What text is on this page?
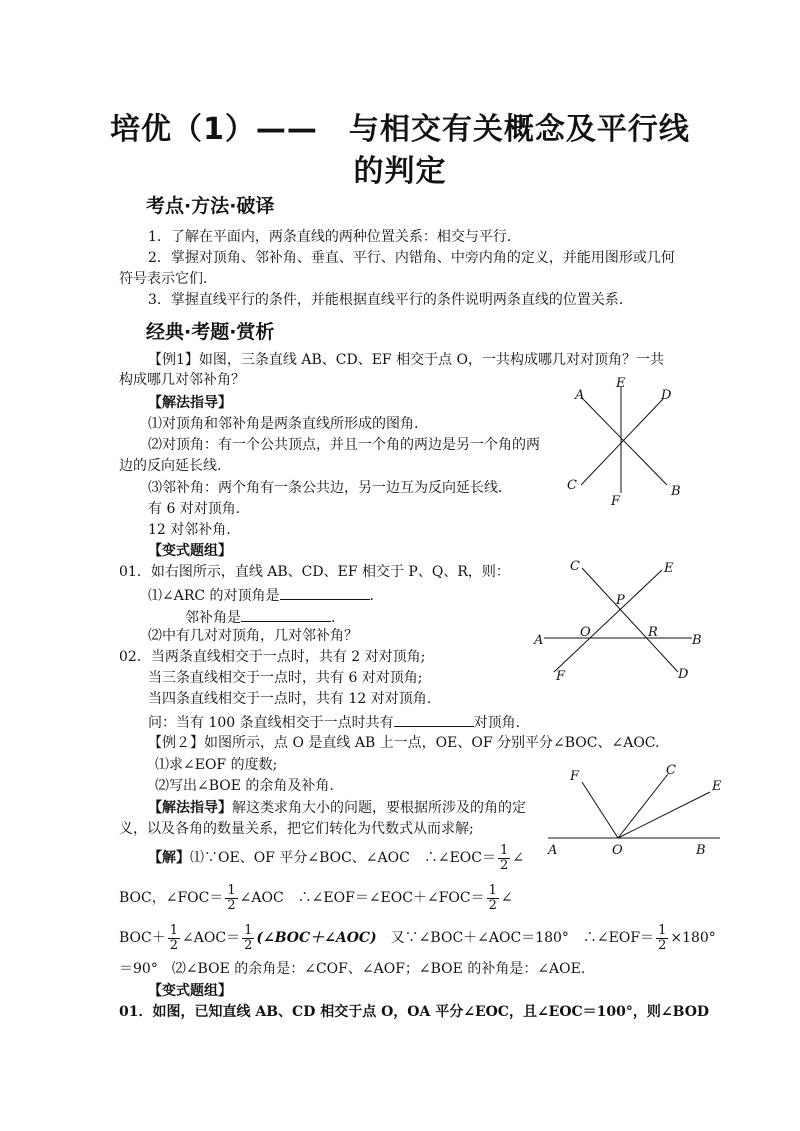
培优（1）——　与相交有关概念及平行线
的判定
考点·方法·破译
1．了解在平面内，两条直线的两种位置关系：相交与平行．
2．掌握对顶角、邻补角、垂直、平行、内错角、中旁内角的定义，并能用图形或几何
符号表示它们.
3．掌握直线平行的条件，并能根据直线平行的条件说明两条直线的位置关系．
经典·考题·赏析
【例1】如图，三条直线 AB、CD、EF 相交于点 O，一共构成哪几对对顶角？一共
构成哪几对邻补角？
【解法指导】
⑴对顶角和邻补角是两条直线所形成的图角.
⑵对顶角：有一个公共顶点，并且一个角的两边是另一个角的两
边的反向延长线.
⑶邻补角：两个角有一条公共边，另一边互为反向延长线．
有 6 对对顶角.
12 对邻补角.
【变式题组】
01．如右图所示，直线 AB、CD、EF 相交于 P、Q、R，则：
⑴∠ARC 的对顶角是	.
邻补角是	.
⑵中有几对对顶角，几对邻补角？
02．当两条直线相交于一点时，共有 2 对对顶角;
当三条直线相交于一点时，共有 6 对对顶角;
当四条直线相交于一点时，共有 12 对对顶角.
问：当有 100 条直线相交于一点时共有	对顶角.
【例２】如图所示，点 O 是直线 AB 上一点，OE、OF 分别平分∠BOC、∠AOC.
⑴求∠EOF 的度数;
⑵写出∠BOE 的余角及补角.
【解法指导】解这类求角大小的问题，要根据所涉及的角的定
义，以及各角的数量关系，把它们转化为代数式从而求解;
【解】⑴∵OE、OF 平分∠BOC、∠AOC　∴∠EOC＝ $\frac{1}{2}$ ∠
BOC，∠FOC＝ $\frac{1}{2}$ ∠AOC　∴∠EOF＝∠EOC＋∠FOC＝ $\frac{1}{2}$ ∠
$BOC+ \frac{1}{2}$ ∠AOC＝ $\frac{1}{2}$ (∠BOC＋∠AOC)　 又∵∠BOC＋∠AOC＝180°　∴∠EOF＝ $\frac{1}{2} \times 180^\circ$
＝90°　⑵∠BOE 的余角是：∠COF、∠AOF；∠BOE 的补角是：∠AOE.
【变式题组】
01．如图，已知直线 AB、CD 相交于点 O，OA 平分∠EOC，且∠EOC＝100°，则∠BOD
E
A	D
C
F
B
C	E
P
A
O	R
B
F	D
F	C
E
A	O	B
